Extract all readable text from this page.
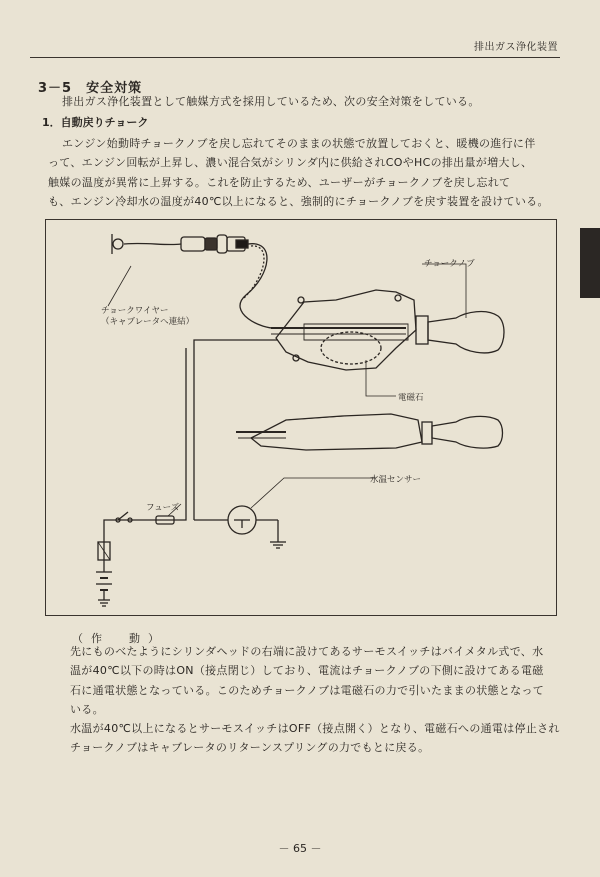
排出ガス浄化装置
3－5 安全対策
排出ガス浄化装置として触媒方式を採用しているため、次の安全対策をしている。
1．自動戻りチョーク
エンジン始動時チョークノブを戻し忘れてそのままの状態で放置しておくと、暖機の進行に伴
って、エンジン回転が上昇し、濃い混合気がシリンダ内に供給されCOやHCの排出量が増大し、
触媒の温度が異常に上昇する。これを防止するため、ユーザーがチョークノブを戻し忘れて
も、エンジン冷却水の温度が40℃以上になると、強制的にチョークノブを戻す装置を設けている。
チョークノブ
チョークワイヤー
（キャブレータへ連結）
電磁石
水温センサー
フューズ
（作　動）
先にものべたようにシリンダヘッドの右端に設けてあるサーモスイッチはバイメタル式で、水
温が40℃以下の時はON（接点閉じ）しており、電流はチョークノブの下側に設けてある電磁
石に通電状態となっている。このためチョークノブは電磁石の力で引いたままの状態となって
いる。
水温が40℃以上になるとサーモスイッチはOFF（接点開く）となり、電磁石への通電は停止され
チョークノブはキャブレータのリターンスプリングの力でもとに戻る。
－ 65 －
